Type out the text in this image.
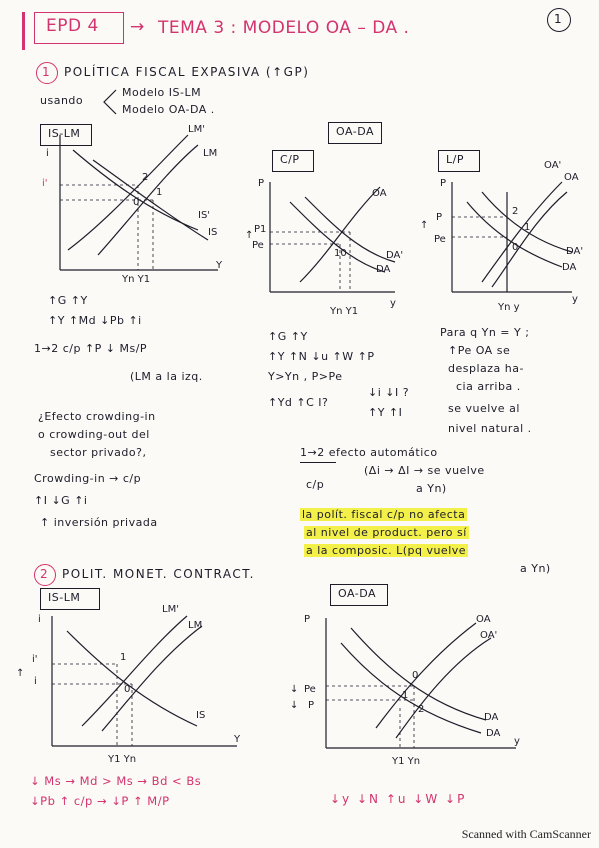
EPD 4 → TEMA 3 : MODELO OA – DA .	1
1 POLÍTICA FISCAL EXPASIVA (↑GP)
usando
Modelo IS-LM
Modelo OA-DA .
IS-LM
i
i'
LM'
LM
IS'
IS
2
1
0
Yn Y1
Y
OA-DA
C/P
P
↑
P1
Pe
OA
DA'
DA
10
Yn Y1
y
L/P
P
↑
P
Pe
OA'
OA
DA'
DA
2
1
0
Yn y
y
↑G ↑Y
↑Y ↑Md ↓Pb ↑i
1→2 c/p ↑P ↓ Ms/P
(LM a la izq.
¿Efecto crowding-in
o crowding-out del
sector privado?,
Crowding-in → c/p
↑I ↓G ↑i
↑ inversión privada
↑G ↑Y
↑Y ↑N ↓u ↑W ↑P
Y>Yn , P>Pe
↑Yd ↑C I?
↓i ↓I ?
↑Y ↑I
Para q Yn = Y ;
↑Pe OA se
desplaza ha-
cia arriba .
se vuelve al
nivel natural .
1→2 efecto automático
c/p
(Δi → ΔI → se vuelve
a Yn)
la polít. fiscal c/p no afecta
al nivel de product. pero sí
a la composic. L(pq vuelve
a Yn)
2 POLIT. MONET. CONTRACT.
IS-LM
i
i'
↑
i
LM'
LM
IS
1
0
Y1 Yn
Y
OA-DA
P
↓ Pe
↓ P
OA
OA'
DA
DA
0
1
2
Y1 Yn
y
↓ Ms → Md > Ms → Bd < Bs
↓Pb ↑ c/p → ↓P ↑ M/P	↓y ↓N ↑u ↓W ↓P
Scanned with CamScanner
